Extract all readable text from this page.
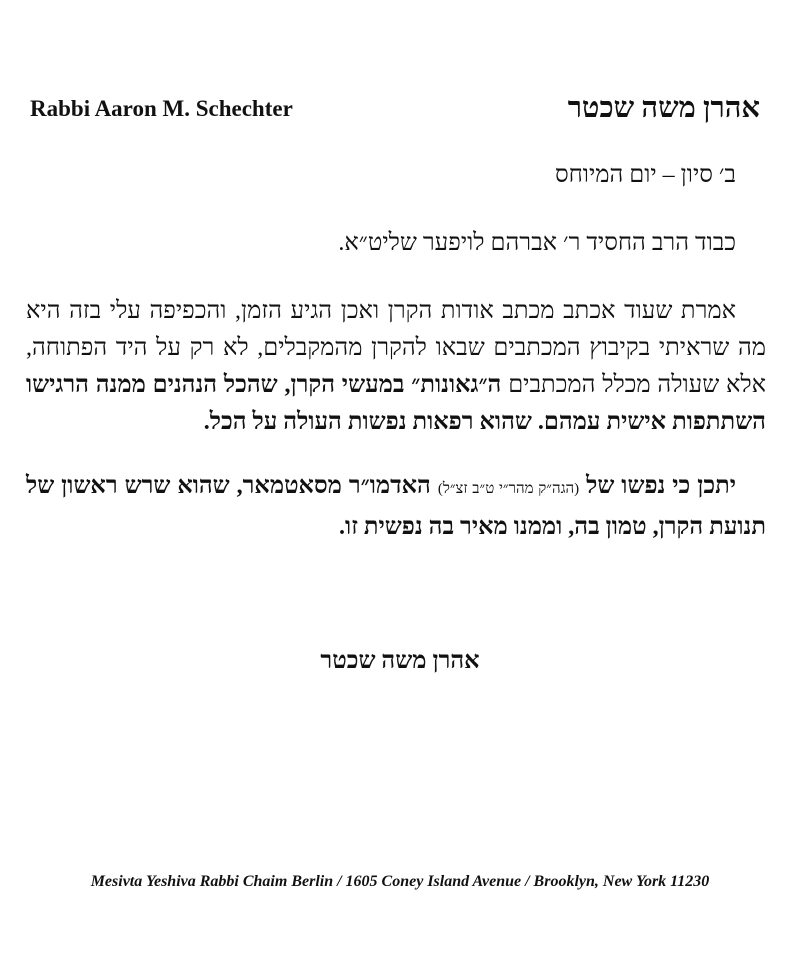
Rabbi Aaron M. Schechter	אהרן משה שכטר

ב׳ סיון – יום המיוחס

כבוד הרב החסיד ר׳ אברהם לויפער שליט״א.

אמרת שעוד אכתב מכתב אודות הקרן ואכן הגיע הזמן, והכפיפה עלי בזה היא מה שראיתי בקיבוץ המכתבים שבאו להקרן מהמקבלים, לא רק על היד הפתוחה, אלא שעולה מכלל המכתבים ה״גאונות״ במעשי הקרן, שהכל הנהנים ממנה הרגישו השתתפות אישית עמהם. שהוא רפאות נפשות העולה על הכל.

יתכן כי נפשו של (הגה״ק מהר״י ט״ב זצ״ל) האדמו״ר מסאטמאר, שהוא שרש ראשון של תנועת הקרן, טמון בה, וממנו מאיר בה נפשית זו.

אהרן משה שכטר

Mesivta Yeshiva Rabbi Chaim Berlin / 1605 Coney Island Avenue / Brooklyn, New York 11230
